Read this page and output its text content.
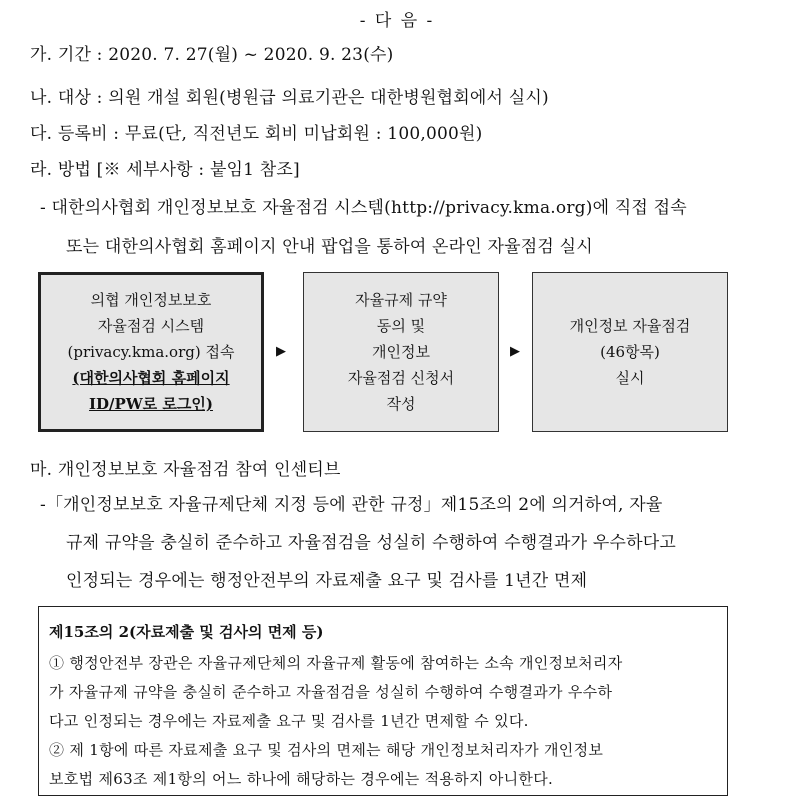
- 다 음 -
가. 기간 : 2020. 7. 27(월) ~ 2020. 9. 23(수)
나. 대상 : 의원 개설 회원(병원급 의료기관은 대한병원협회에서 실시)
다. 등록비 : 무료(단, 직전년도 회비 미납회원 : 100,000원)
라. 방법 [※ 세부사항 : 붙임1 참조]
- 대한의사협회 개인정보보호 자율점검 시스템(http://privacy.kma.org)에 직접 접속
또는 대한의사협회 홈페이지 안내 팝업을 통하여 온라인 자율점검 실시
의협 개인정보보호
자율점검 시스템
(privacy.kma.org) 접속
(대한의사협회 홈페이지
ID/PW로 로그인)
▶
자율규제 규약
동의 및
개인정보
자율점검 신청서
작성
▶
개인정보 자율점검
(46항목)
실시
마. 개인정보보호 자율점검 참여 인센티브
-「개인정보보호 자율규제단체 지정 등에 관한 규정」제15조의 2에 의거하여, 자율
규제 규약을 충실히 준수하고 자율점검을 성실히 수행하여 수행결과가 우수하다고
인정되는 경우에는 행정안전부의 자료제출 요구 및 검사를 1년간 면제
제15조의 2(자료제출 및 검사의 면제 등)
① 행정안전부 장관은 자율규제단체의 자율규제 활동에 참여하는 소속 개인정보처리자
가 자율규제 규약을 충실히 준수하고 자율점검을 성실히 수행하여 수행결과가 우수하
다고 인정되는 경우에는 자료제출 요구 및 검사를 1년간 면제할 수 있다.
② 제 1항에 따른 자료제출 요구 및 검사의 면제는 해당 개인정보처리자가 개인정보
보호법 제63조 제1항의 어느 하나에 해당하는 경우에는 적용하지 아니한다.
